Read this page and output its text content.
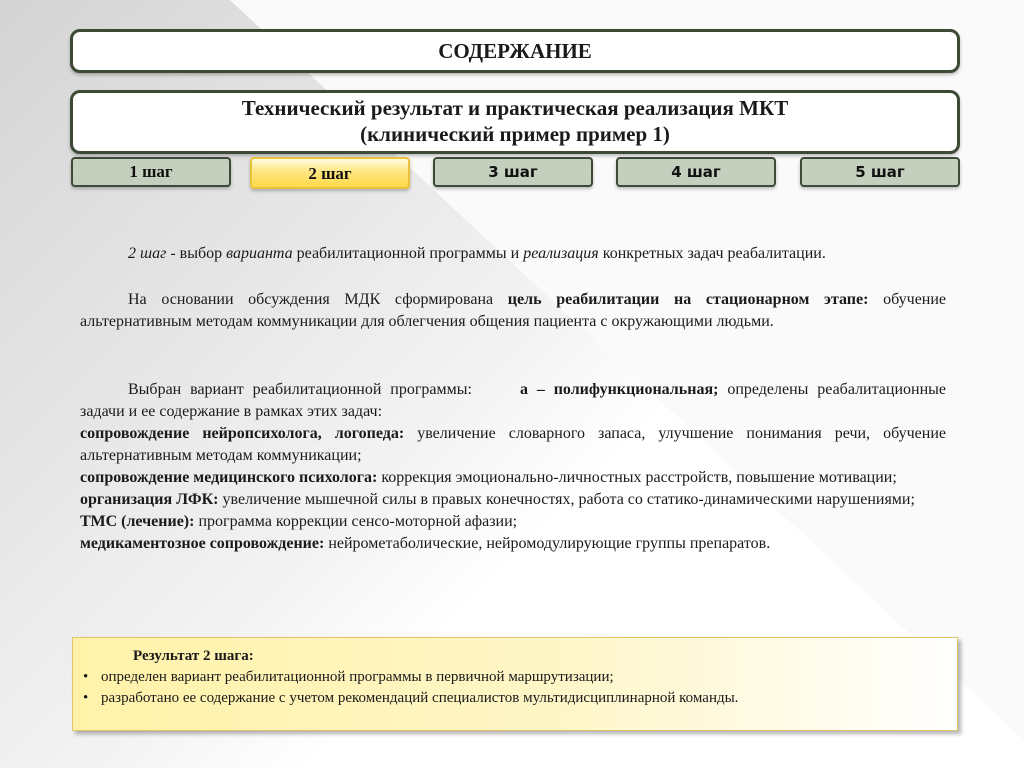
СОДЕРЖАНИЕ
Технический результат и практическая реализация МКТ
(клинический пример пример 1)
1 шаг	2 шаг	3 шаг	4 шаг	5 шаг

2 шаг - выбор варианта реабилитационной программы и реализация конкретных задач реабалитации.

На основании обсуждения МДК сформирована цель реабилитации на стационарном этапе: обучение альтернативным методам коммуникации для облегчения общения пациента с окружающими людьми.

Выбран вариант реабилитационной программы:	а – полифункциональная; определены реабалитационные задачи и ее содержание в рамках этих задач:

сопровождение нейропсихолога, логопеда: увеличение словарного запаса, улучшение понимания речи, обучение альтернативным методам коммуникации;

сопровождение медицинского психолога: коррекция эмоционально-личностных расстройств, повышение мотивации;

организация ЛФК: увеличение мышечной силы в правых конечностях, работа со статико-динамическими нарушениями;

ТМС (лечение): программа коррекции сенсо-моторной афазии;

медикаментозное сопровождение: нейрометаболические, нейромодулирующие группы препаратов.

Результат 2 шага:
• определен вариант реабилитационной программы в первичной маршрутизации;
• разработано ее содержание с учетом рекомендаций специалистов мультидисциплинарной команды.
